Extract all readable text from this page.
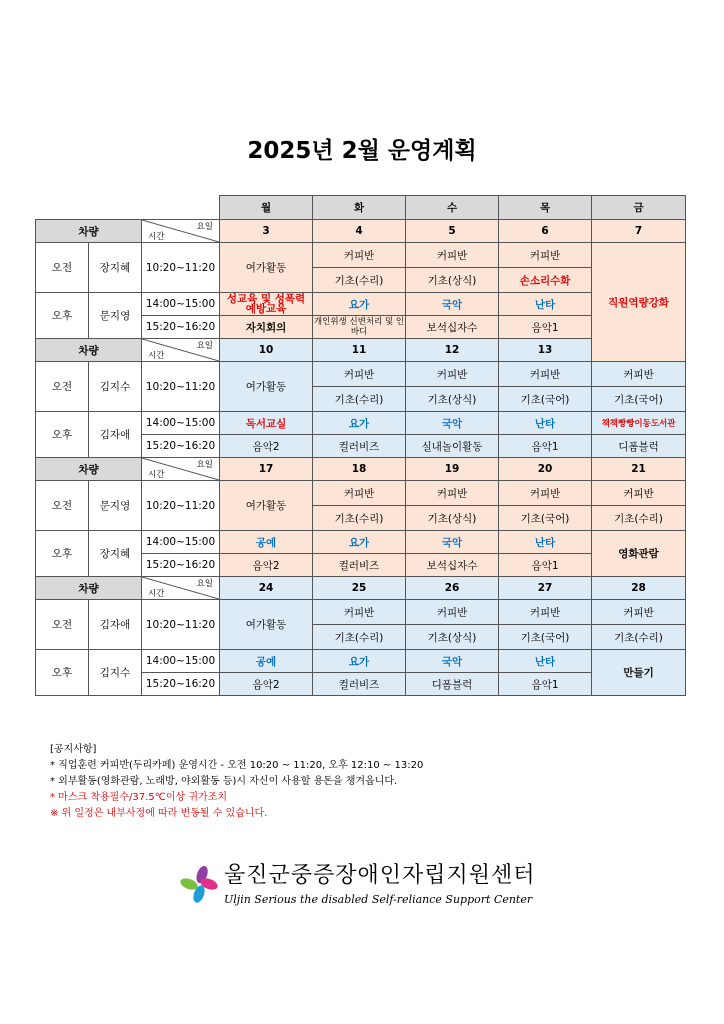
2025년 2월 운영계획
			월	화	수	목	금	
차량		요일
시간	3	4	5	6	7	
오전	장지혜	10:20~11:20	여가활동	커피반	커피반	커피반	직원역량강화	
				기초(수리)	기초(상식)	손소리수화		
오후	문지영	14:00~15:00	성교육 및 성폭력 예방교육	요가	국악	난타		
		15:20~16:20	자치회의	개인위생 신변처리 및 인바디	보석십자수	음악1		
차량		요일
시간	10	11	12	13	
오전	김지수	10:20~11:20	여가활동	커피반	커피반	커피반	커피반	
				기초(수리)	기초(상식)	기초(국어)	기초(국어)	
오후	김자애	14:00~15:00	독서교실	요가	국악	난타	책책빵빵이동도서관	
		15:20~16:20	음악2	컬러비즈	실내놀이활동	음악1	디폼블럭	
차량		요일
시간	17	18	19	20	21	
오전	문지영	10:20~11:20	여가활동	커피반	커피반	커피반	커피반	
				기초(수리)	기초(상식)	기초(국어)	기초(수리)	
오후	장지혜	14:00~15:00	공예	요가	국악	난타	영화관람	
		15:20~16:20	음악2	컬러비즈	보석십자수	음악1		
차량		요일
시간	24	25	26	27	28	
오전	김자애	10:20~11:20	여가활동	커피반	커피반	커피반	커피반	
				기초(수리)	기초(상식)	기초(국어)	기초(수리)	
오후	김지수	14:00~15:00	공예	요가	국악	난타	만들기	
		15:20~16:20	음악2	컬러비즈	디폼블럭	음악1		
[공지사항]
* 직업훈련 커피반(두리카페) 운영시간 - 오전 10:20 ~ 11:20, 오후 12:10 ~ 13:20
* 외부활동(영화관람, 노래방, 야외활동 등)시 자신이 사용할 용돈을 챙겨옵니다.
* 마스크 착용필수/37.5℃이상 귀가조치
※ 위 일정은 내부사정에 따라 변동될 수 있습니다.
울진군중증장애인자립지원센터
Uljin Serious the disabled Self-reliance Support Center
